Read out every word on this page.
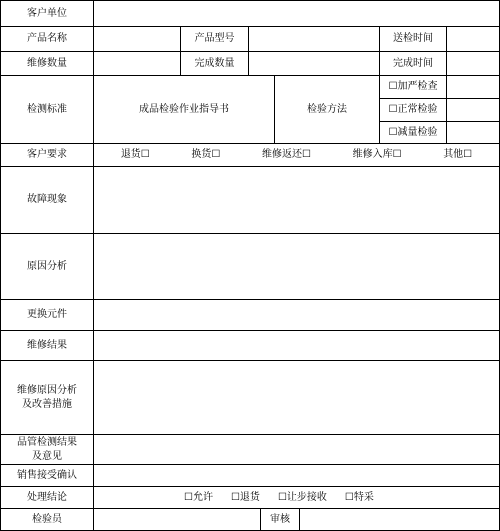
客户单位
产品名称	产品型号	送检时间
维修数量	完成数量	完成时间
检测标准	成品检验作业指导书	检验方法
☐加严检查
☐正常检验
☐减量检验
客户要求	退货☐	换货☐	维修返还☐	维修入库☐	其他☐
故障现象
原因分析
更换元件
维修结果
维修原因分析
及改善措施
品管检测结果
及意见
销售接受确认
处理结论	☐允许 ☐退货 ☐让步接收 ☐特采
检验员	审核
